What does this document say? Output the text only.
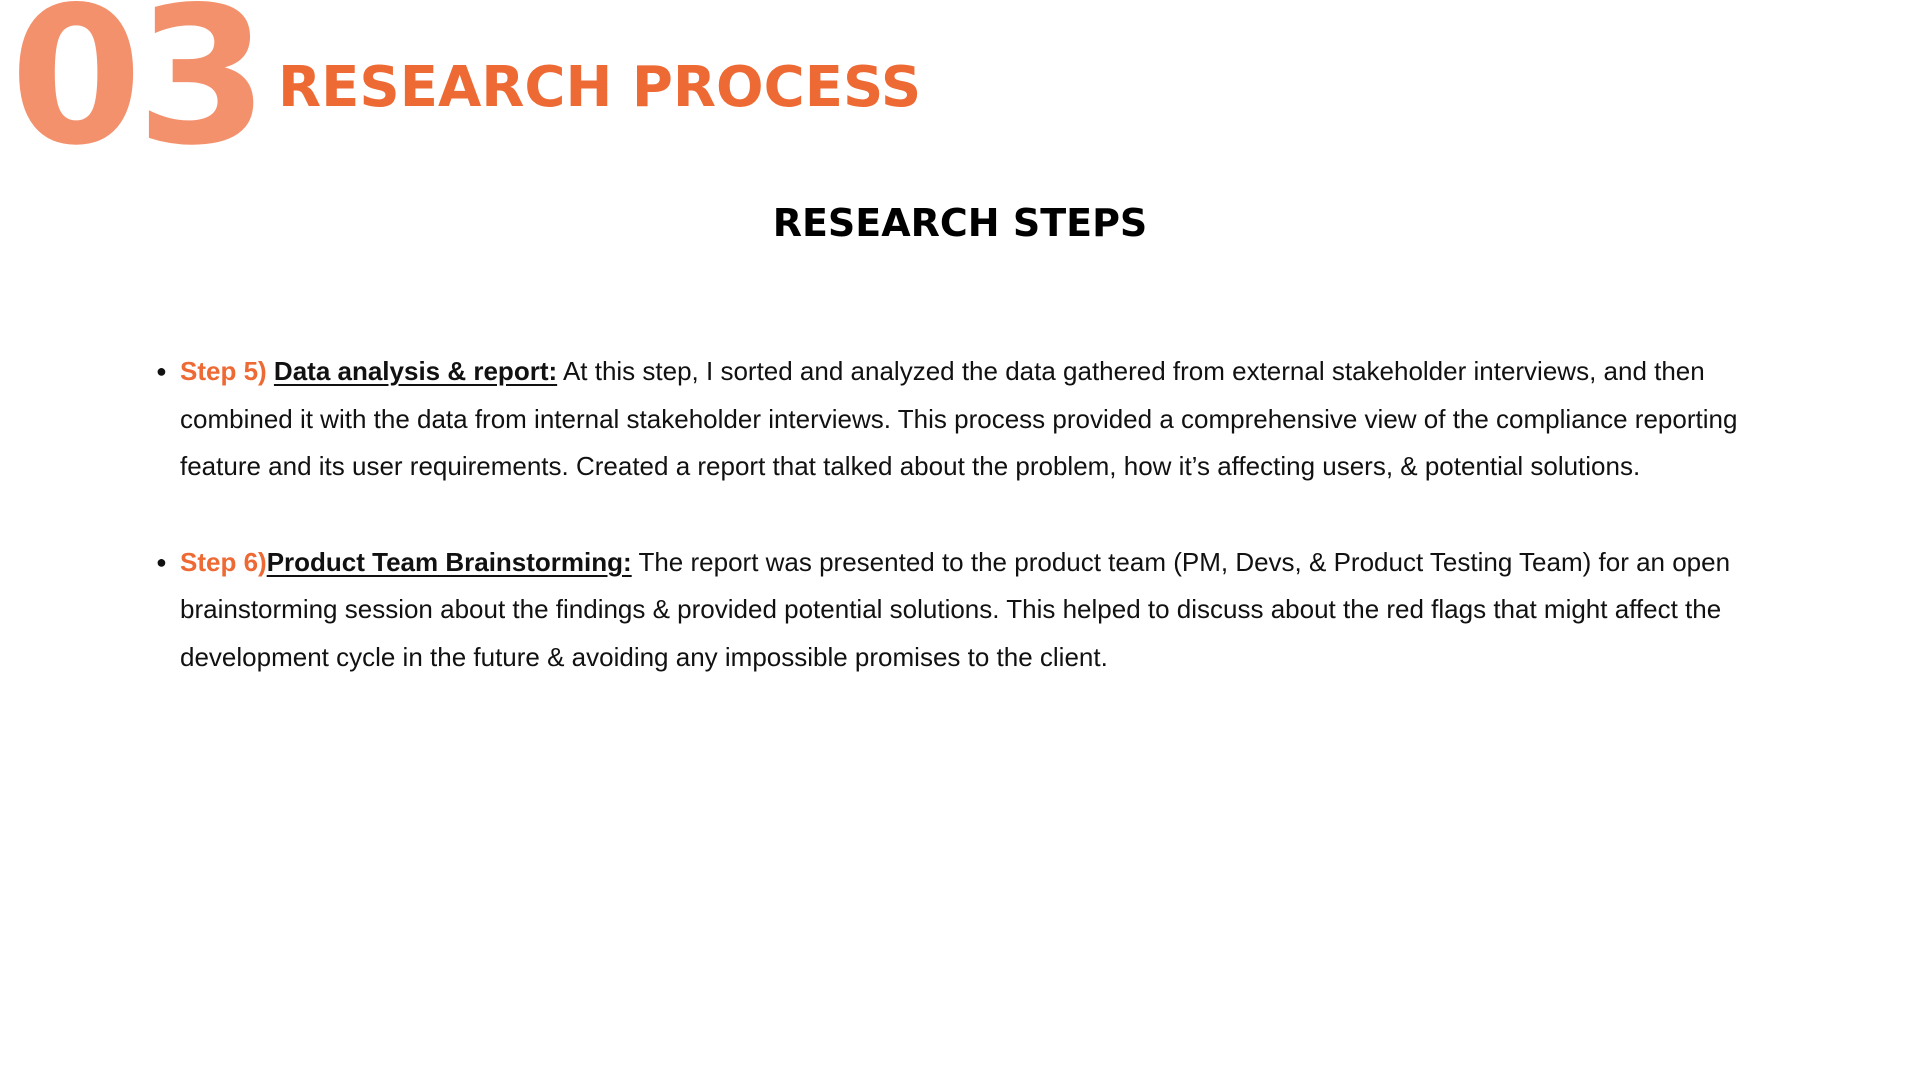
03 RESEARCH PROCESS
RESEARCH STEPS
● Step 5) Data analysis & report: At this step, I sorted and analyzed the data gathered from external stakeholder interviews, and then combined it with the data from internal stakeholder interviews. This process provided a comprehensive view of the compliance reporting feature and its user requirements. Created a report that talked about the problem, how it’s affecting users, & potential solutions.
● Step 6)Product Team Brainstorming: The report was presented to the product team (PM, Devs, & Product Testing Team) for an open brainstorming session about the findings & provided potential solutions. This helped to discuss about the red flags that might affect the development cycle in the future & avoiding any impossible promises to the client.
